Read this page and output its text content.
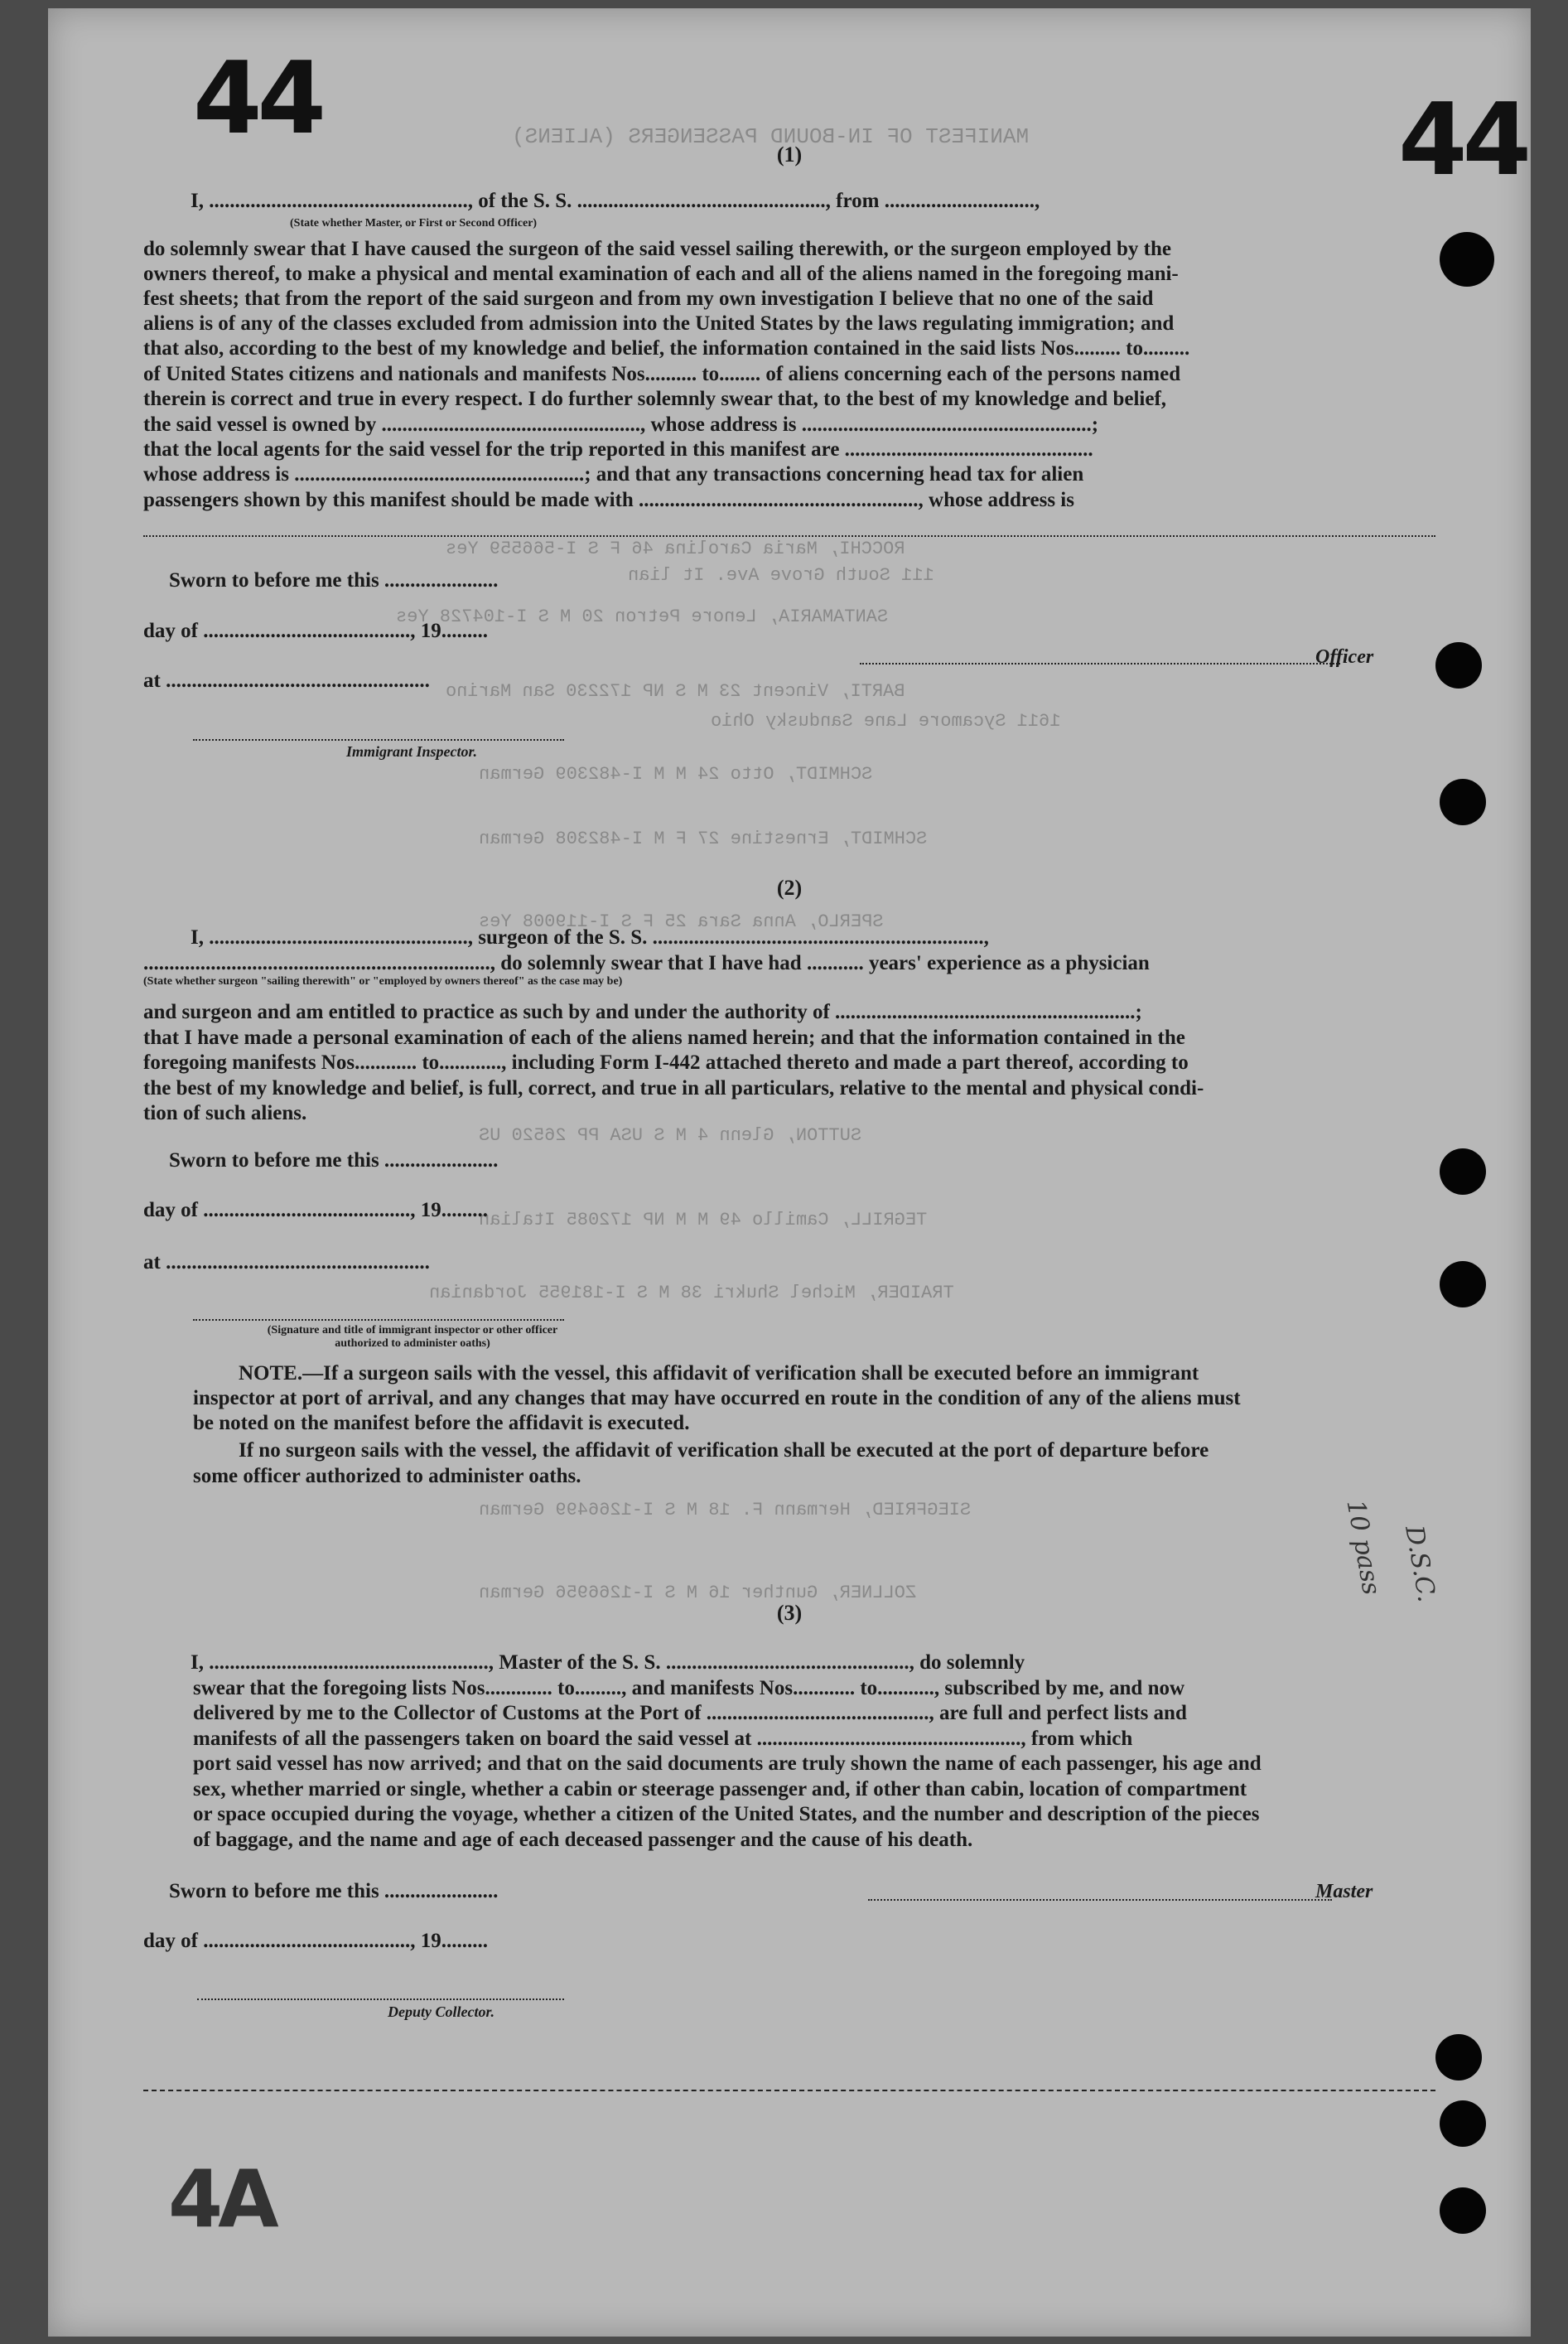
44	44
4A
MANIFEST OF IN-BOUND PASSENGERS (ALIENS)
ROCCHI, Maria Carolina 46 F S I-566559 Yes
111 South Grove Ave. It lian
SANTAMARIA, Lenore Petron 20 M S I-104728 Yes
BARTI, Vincent 23 M S NP 172230 San Marino
1611 Sycamore Lane Sandusky Ohio
SCHMIDT, Otto 24 M M I-482309 German
SCHMIDT, Ernestine 27 F M I-482308 German
SPERLO, Anna Sara 25 F S I-119008 Yes
SUTTON, Glenn 4 M S USA PP 26520 US
TEGRILL, Camillo 49 M M NP 172085 Italian
TRAIDER, Michel Shukri 38 M S I-181955 Jordanian
SIEGFRIED, Hermann F. 18 M S I-1266499 German
ZOLLNER, Gunther 16 M S I-1266956 German	10 pass D.S.C.
(1)
I, .................................................., of the S. S. ................................................, from .............................,
(State whether Master, or First or Second Officer)
do solemnly swear that I have caused the surgeon of the said vessel sailing therewith, or the surgeon employed by the
owners thereof, to make a physical and mental examination of each and all of the aliens named in the foregoing mani-
fest sheets; that from the report of the said surgeon and from my own investigation I believe that no one of the said
aliens is of any of the classes excluded from admission into the United States by the laws regulating immigration; and
that also, according to the best of my knowledge and belief, the information contained in the said lists Nos......... to.........
of United States citizens and nationals and manifests Nos.......... to........ of aliens concerning each of the persons named
therein is correct and true in every respect. I do further solemnly swear that, to the best of my knowledge and belief,
the said vessel is owned by .................................................., whose address is ........................................................;
that the local agents for the said vessel for the trip reported in this manifest are ................................................
whose address is ........................................................; and that any transactions concerning head tax for alien
passengers shown by this manifest should be made with ......................................................, whose address is
Sworn to before me this ......................
day of ........................................, 19.........
Officer
at ...................................................
Immigrant Inspector.
(2)
I, .................................................., surgeon of the S. S. ................................................................,
..................................................................., do solemnly swear that I have had ........... years' experience as a physician
(State whether surgeon "sailing therewith" or "employed by owners thereof" as the case may be)
and surgeon and am entitled to practice as such by and under the authority of ..........................................................;
that I have made a personal examination of each of the aliens named herein; and that the information contained in the
foregoing manifests Nos............ to............, including Form I-442 attached thereto and made a part thereof, according to
the best of my knowledge and belief, is full, correct, and true in all particulars, relative to the mental and physical condi-
tion of such aliens.
Sworn to before me this ......................
day of ........................................, 19.........
at ...................................................
(Signature and title of immigrant inspector or other officer authorized to administer oaths)
NOTE.—If a surgeon sails with the vessel, this affidavit of verification shall be executed before an immigrant
inspector at port of arrival, and any changes that may have occurred en route in the condition of any of the aliens must
be noted on the manifest before the affidavit is executed.
If no surgeon sails with the vessel, the affidavit of verification shall be executed at the port of departure before
some officer authorized to administer oaths.
(3)
I, ......................................................, Master of the S. S. ..............................................., do solemnly
swear that the foregoing lists Nos............. to........., and manifests Nos............ to..........., subscribed by me, and now
delivered by me to the Collector of Customs at the Port of ..........................................., are full and perfect lists and
manifests of all the passengers taken on board the said vessel at ..................................................., from which
port said vessel has now arrived; and that on the said documents are truly shown the name of each passenger, his age and
sex, whether married or single, whether a cabin or steerage passenger and, if other than cabin, location of compartment
or space occupied during the voyage, whether a citizen of the United States, and the number and description of the pieces
of baggage, and the name and age of each deceased passenger and the cause of his death.
Sworn to before me this ......................	Master
day of ........................................, 19.........
Deputy Collector.
